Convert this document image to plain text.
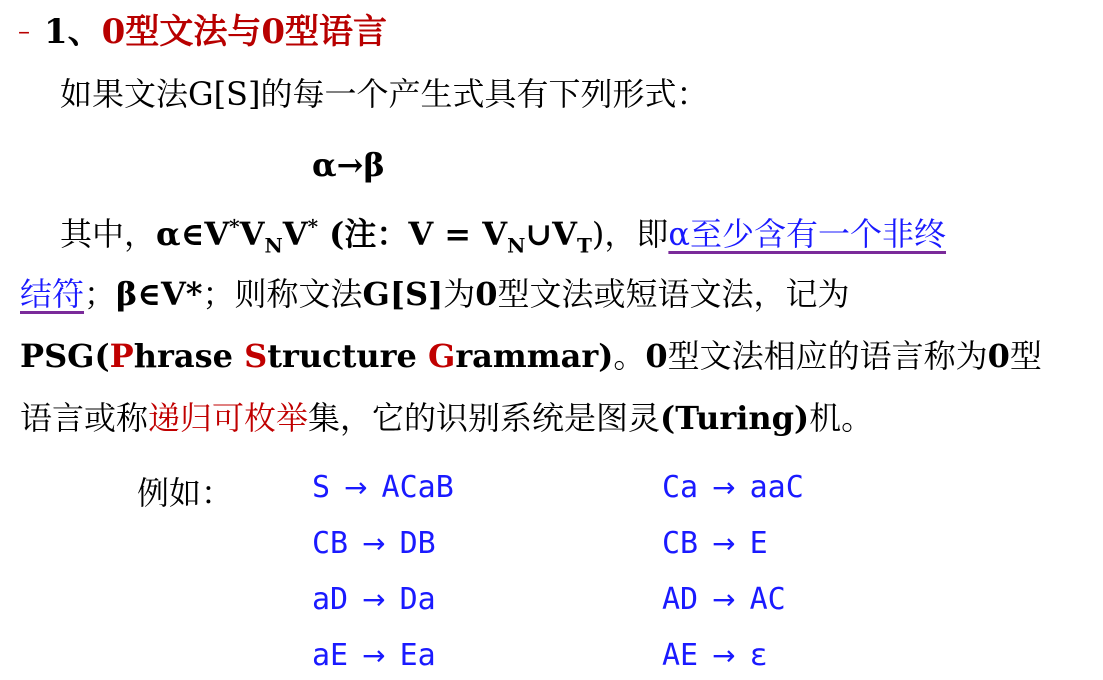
– 1、0型文法与0型语言
如果文法G[S]的每一个产生式具有下列形式：
α→β
其中，$\alpha\in V^*V_NV^*$ (注：$V = V_N\cup V_T$)，即α至少含有一个非终
结符；β∈V*；则称文法G[S]为0型文法或短语文法，记为
PSG(Phrase Structure Grammar)。0型文法相应的语言称为0型
语言或称递归可枚举集，它的识别系统是图灵(Turing)机。
例如：	S → ACaB	Ca → aaC
CB → DB	CB → E
aD → Da	AD → AC
aE → Ea	AE → ε
